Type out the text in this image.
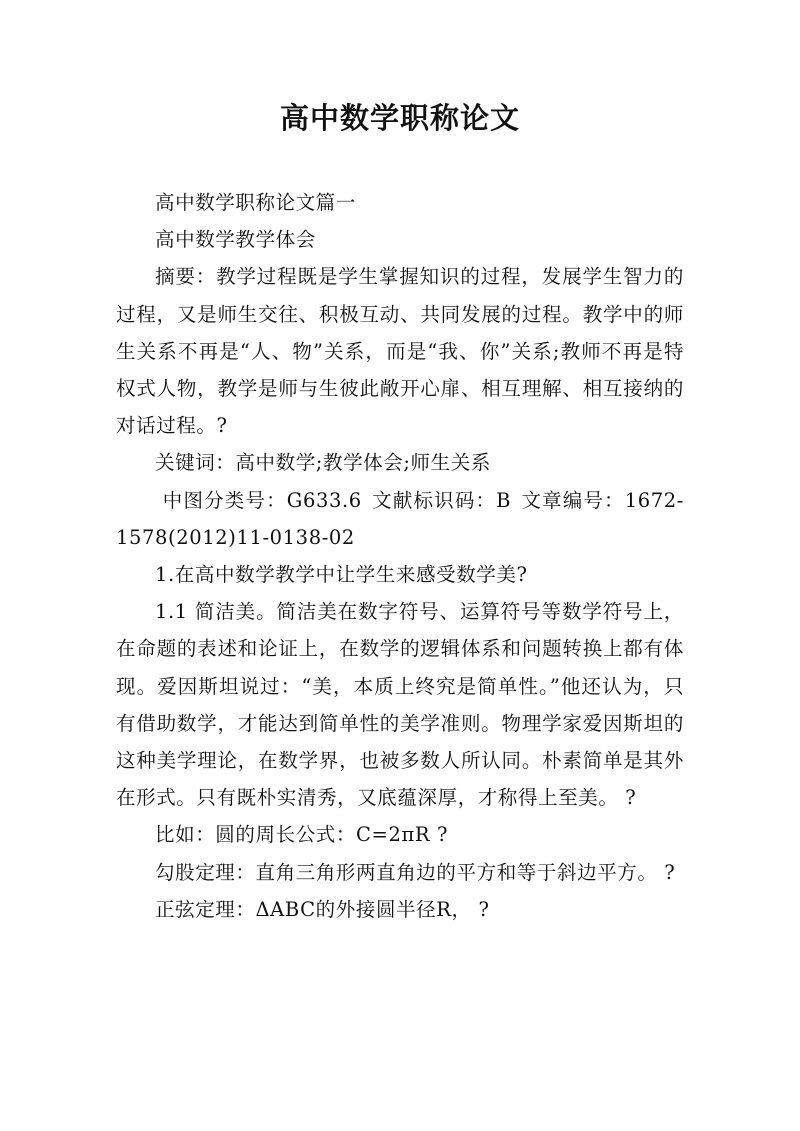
高中数学职称论文

高中数学职称论文篇一

高中数学教学体会

摘要：教学过程既是学生掌握知识的过程，发展学生智力的过程，又是师生交往、积极互动、共同发展的过程。教学中的师生关系不再是“人、物”关系，而是“我、你”关系;教师不再是特权式人物，教学是师与生彼此敞开心扉、相互理解、相互接纳的对话过程。?

关键词：高中数学;教学体会;师生关系

中图分类号：G633.6 文献标识码：B 文章编号：1672-1578(2012)11-0138-02

1.在高中数学教学中让学生来感受数学美?

1.1 简洁美。简洁美在数字符号、运算符号等数学符号上，在命题的表述和论证上，在数学的逻辑体系和问题转换上都有体现。爱因斯坦说过：“美，本质上终究是简单性。”他还认为，只有借助数学，才能达到简单性的美学准则。物理学家爱因斯坦的这种美学理论，在数学界，也被多数人所认同。朴素简单是其外在形式。只有既朴实清秀，又底蕴深厚，才称得上至美。 ?

比如：圆的周长公式：C=2πR ?

勾股定理：直角三角形两直角边的平方和等于斜边平方。 ?

正弦定理：ΔABC的外接圆半径R， ?
